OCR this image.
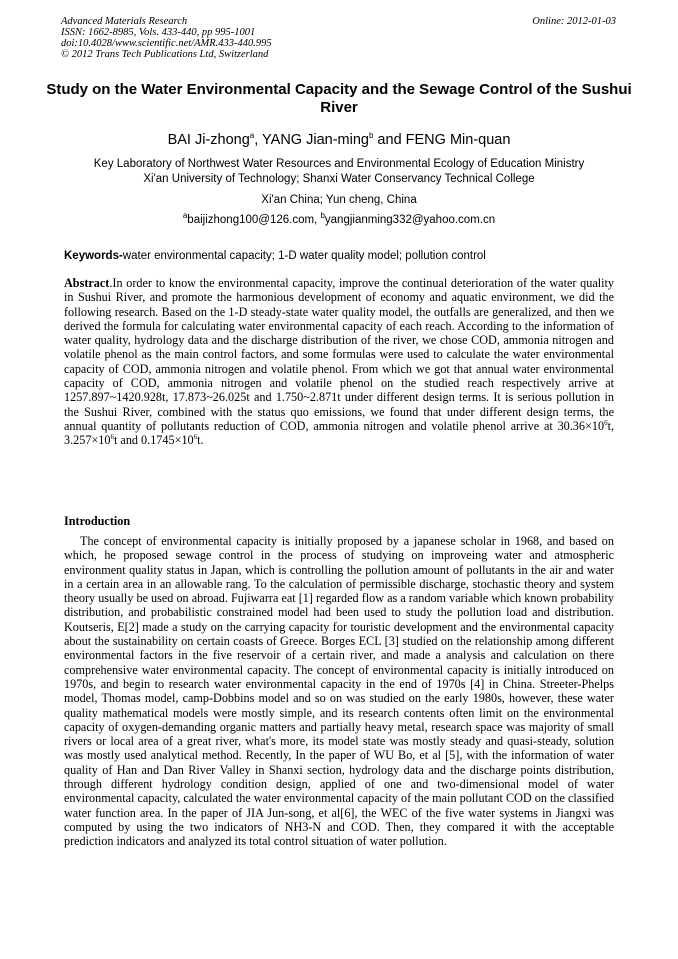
Advanced Materials Research
ISSN: 1662-8985, Vols. 433-440, pp 995-1001
doi:10.4028/www.scientific.net/AMR.433-440.995
© 2012 Trans Tech Publications Ltd, Switzerland
Online: 2012-01-03
Study on the Water Environmental Capacity and the Sewage Control of the Sushui River
BAI Ji-zhong$^a$, YANG Jian-ming$^b$ and FENG Min-quan
Key Laboratory of Northwest Water Resources and Environmental Ecology of Education Ministry
Xi'an University of Technology; Shanxi Water Conservancy Technical College
Xi'an China; Yun cheng, China
$^a$baijizhong100@126.com, $^b$yangjianming332@yahoo.com.cn
Keywords-water environmental capacity; 1-D water quality model; pollution control
Abstract.In order to know the environmental capacity, improve the continual deterioration of the water quality in Sushui River, and promote the harmonious development of economy and aquatic environment, we did the following research. Based on the 1-D steady-state water quality model, the outfalls are generalized, and then we derived the formula for calculating water environmental capacity of each reach. According to the information of water quality, hydrology data and the discharge distribution of the river, we chose COD, ammonia nitrogen and volatile phenol as the main control factors, and some formulas were used to calculate the water environmental capacity of COD, ammonia nitrogen and volatile phenol. From which we got that annual water environmental capacity of COD, ammonia nitrogen and volatile phenol on the studied reach respectively arrive at 1257.897~1420.928t, 17.873~26.025t and 1.750~2.871t under different design terms. It is serious pollution in the Sushui River, combined with the status quo emissions, we found that under different design terms, the annual quantity of pollutants reduction of COD, ammonia nitrogen and volatile phenol arrive at $30.36\times 10^6t$, $3.257\times 10^6t$ and $0.1745\times 10^6t$.
Introduction
The concept of environmental capacity is initially proposed by a japanese scholar in 1968, and based on which, he proposed sewage control in the process of studying on improveing water and atmospheric environment quality status in Japan, which is controlling the pollution amount of pollutants in the air and water in a certain area in an allowable rang. To the calculation of permissible discharge, stochastic theory and system theory usually be used on abroad. Fujiwarra eat [1] regarded flow as a random variable which known probability distribution, and probabilistic constrained model had been used to study the pollution load and distribution. Koutseris, E[2] made a study on the carrying capacity for touristic development and the environmental capacity about the sustainability on certain coasts of Greece. Borges ECL [3] studied on the relationship among different environmental factors in the five reservoir of a certain river, and made a analysis and calculation on there comprehensive water environmental capacity. The concept of environmental capacity is initially introduced on 1970s, and begin to research water environmental capacity in the end of 1970s [4] in China. Streeter-Phelps model, Thomas model, camp-Dobbins model and so on was studied on the early 1980s, however, these water quality mathematical models were mostly simple, and its research contents often limit on the environmental capacity of oxygen-demanding organic matters and partially heavy metal, research space was majority of small rivers or local area of a great river, what's more, its model state was mostly steady and quasi-steady, solution was mostly used analytical method. Recently, In the paper of WU Bo, et al [5], with the information of water quality of Han and Dan River Valley in Shanxi section, hydrology data and the discharge points distribution, through different hydrology condition design, applied of one and two-dimensional model of water environmental capacity, calculated the water environmental capacity of the main pollutant COD on the classified water function area. In the paper of JIA Jun-song, et al[6], the WEC of the five water systems in Jiangxi was computed by using the two indicators of NH3-N and COD. Then, they compared it with the acceptable prediction indicators and analyzed its total control situation of water pollution.
